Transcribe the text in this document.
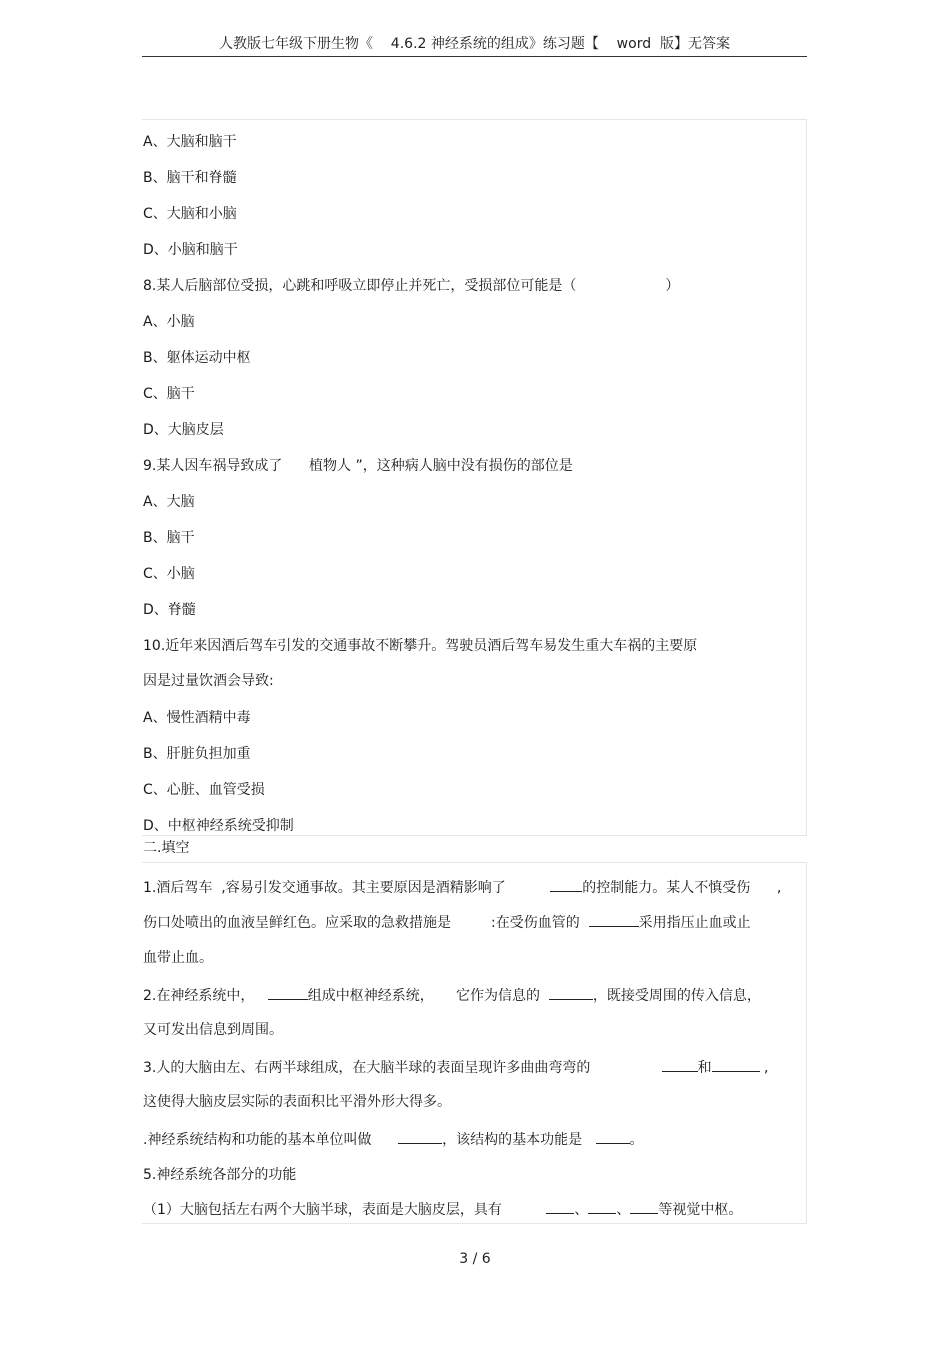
人教版七年级下册生物《    4.6.2 神经系统的组成》练习题【    word  版】无答案
A、大脑和脑干
B、脑干和脊髓
C、大脑和小脑
D、小脑和脑干
8.某人后脑部位受损，心跳和呼吸立即停止并死亡，受损部位可能是（                    ）
A、小脑
B、躯体运动中枢
C、脑干
D、大脑皮层
9.某人因车祸导致成了      植物人 ”，这种病人脑中没有损伤的部位是
A、大脑
B、脑干
C、小脑
D、脊髓
10.近年来因酒后驾车引发的交通事故不断攀升。驾驶员酒后驾车易发生重大车祸的主要原
因是过量饮酒会导致:
A、慢性酒精中毒
B、肝脏负担加重
C、心脏、血管受损
D、中枢神经系统受抑制
二.填空
1.酒后驾车  ,容易引发交通事故。其主要原因是酒精影响了          的控制能力。某人不慎受伤      ,
伤口处喷出的血液呈鲜红色。应采取的急救措施是         :在受伤血管的	采用指压止血或止
血带止血。
2.在神经系统中，	组成中枢神经系统，     它作为信息的	，既接受周围的传入信息，
又可发出信息到周围。
3.人的大脑由左、右两半球组成，在大脑半球的表面呈现许多曲曲弯弯的	和	,
这使得大脑皮层实际的表面积比平滑外形大得多。
.神经系统结构和功能的基本单位叫做	，该结构的基本功能是   。
5.神经系统各部分的功能
（1）大脑包括左右两个大脑半球，表面是大脑皮层，具有          、 、 等视觉中枢。
3 / 6
